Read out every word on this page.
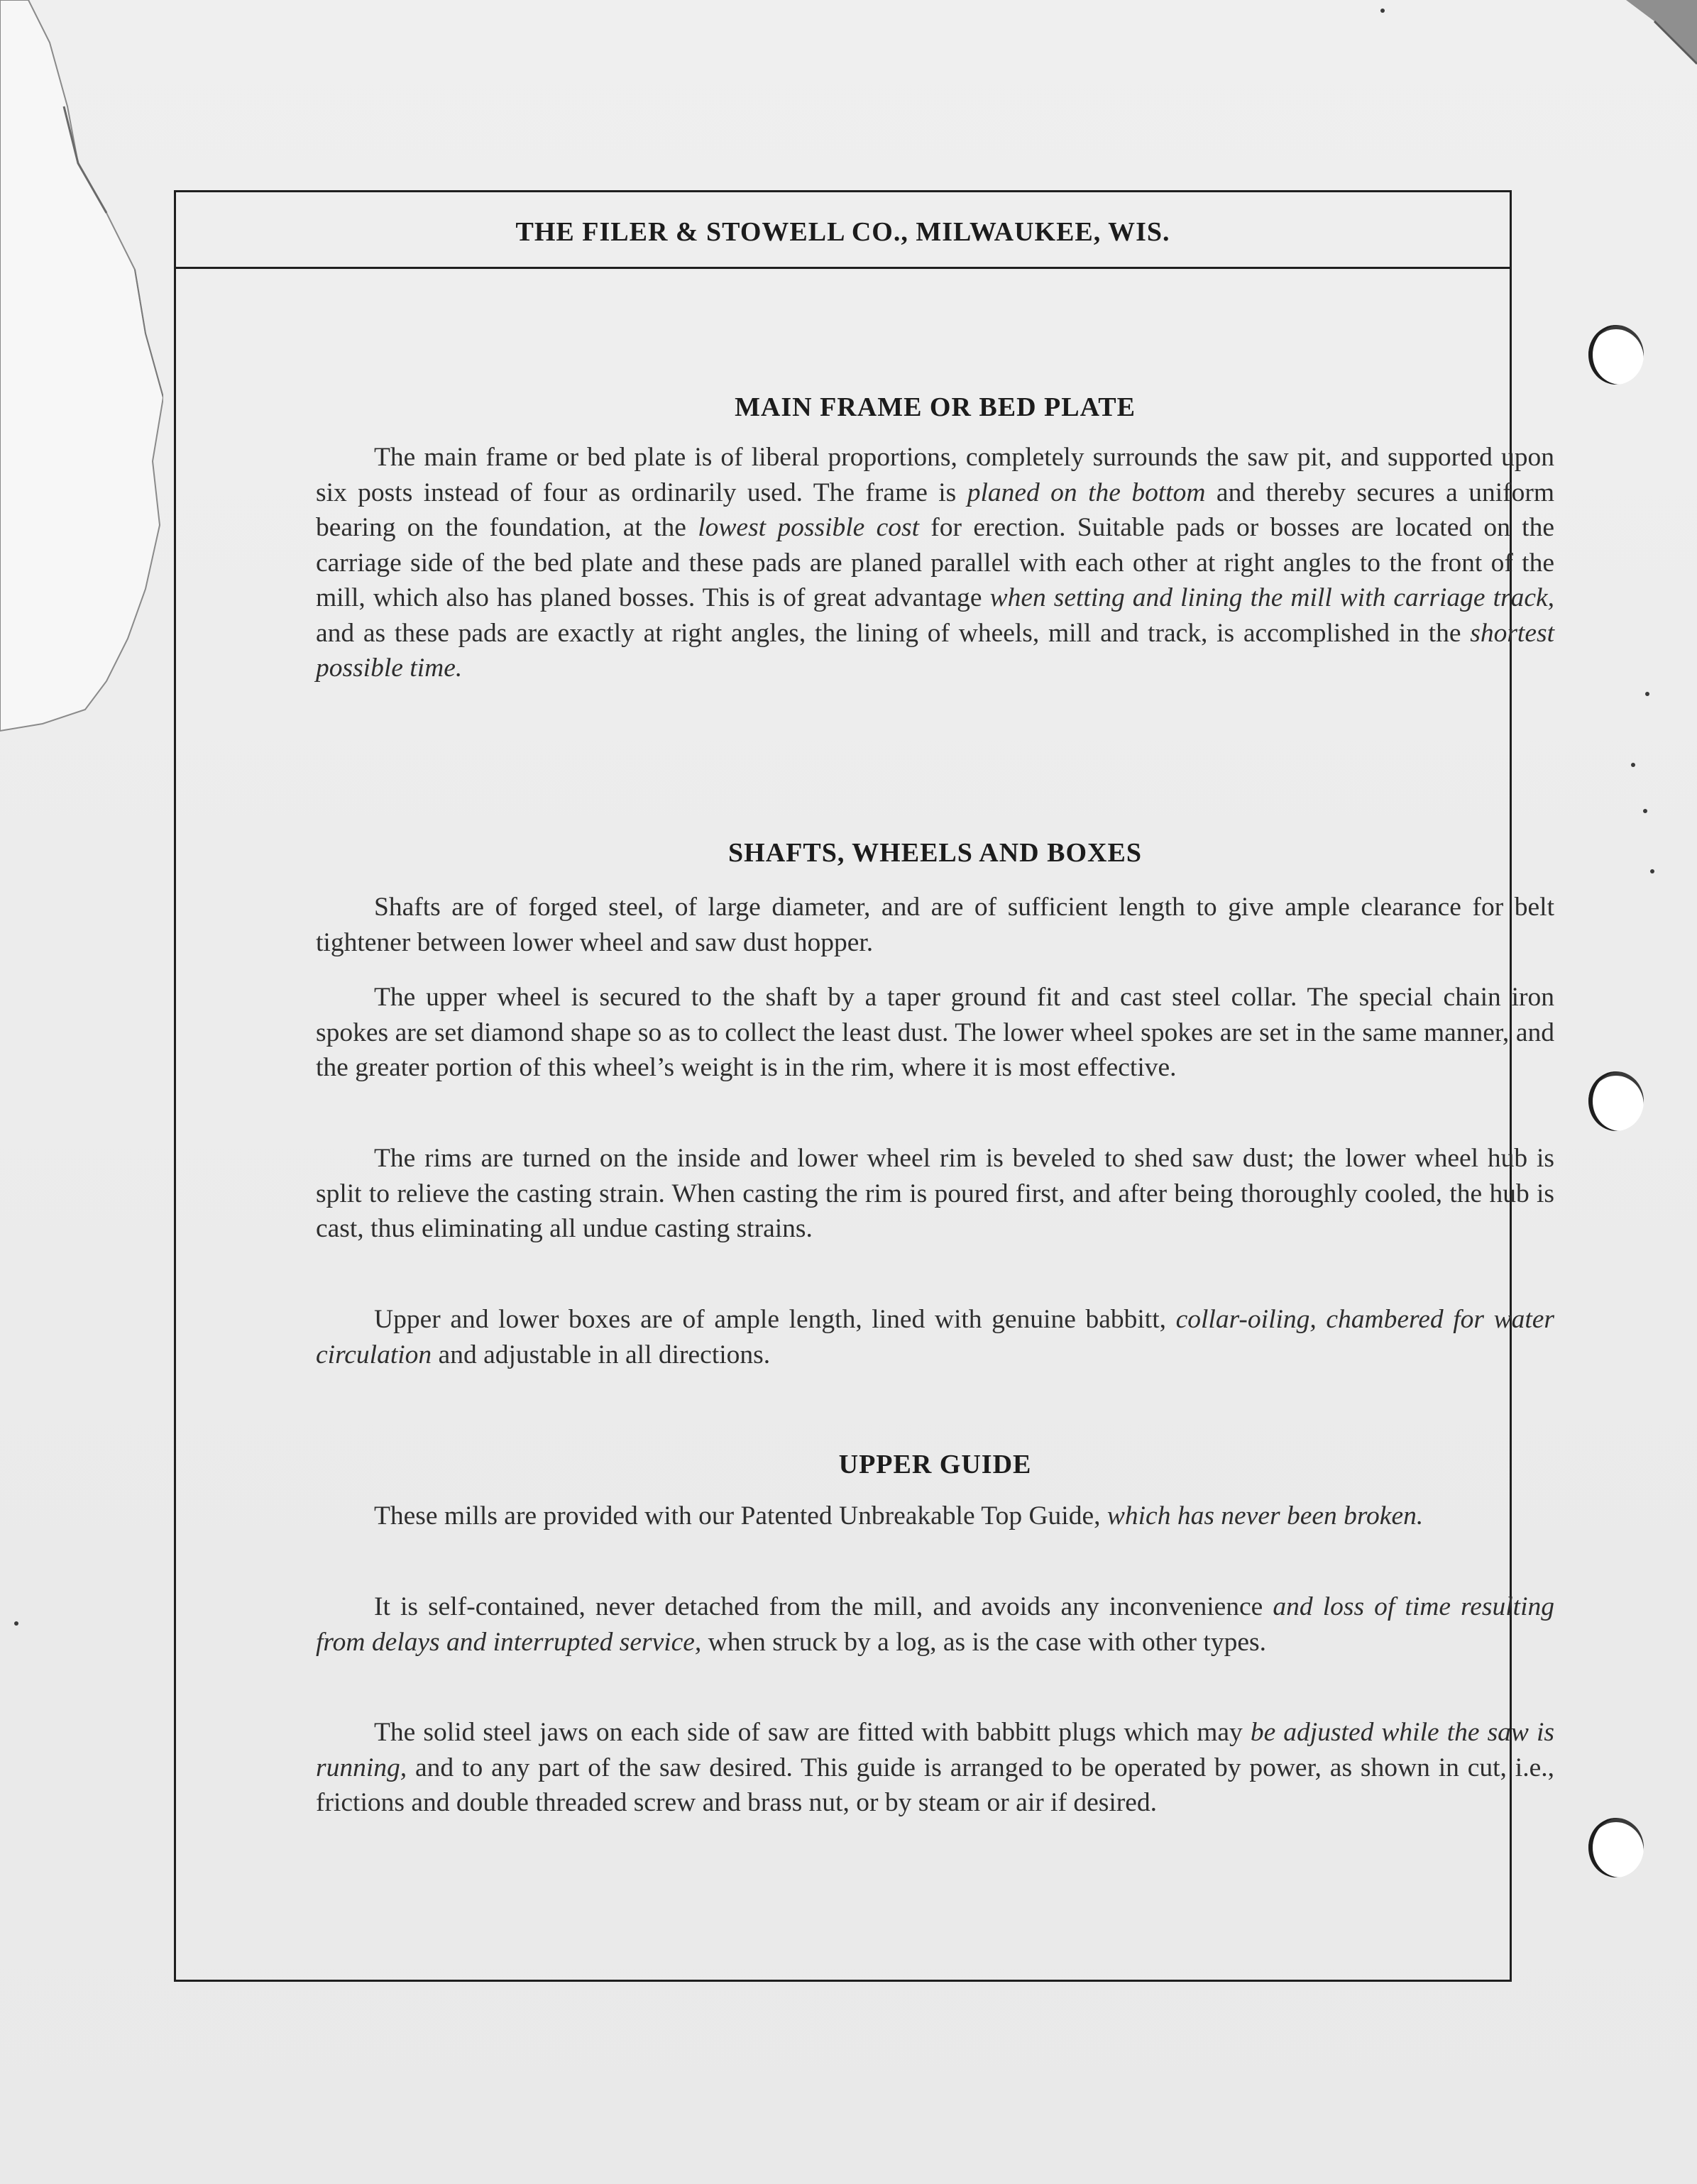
THE FILER & STOWELL CO., MILWAUKEE, WIS.
MAIN FRAME OR BED PLATE

The main frame or bed plate is of liberal proportions, completely surrounds the saw pit, and supported upon six posts instead of four as ordinarily used. The frame is planed on the bottom and thereby secures a uniform bearing on the foundation, at the lowest possible cost for erection. Suitable pads or bosses are located on the carriage side of the bed plate and these pads are planed parallel with each other at right angles to the front of the mill, which also has planed bosses. This is of great advantage when setting and lining the mill with carriage track, and as these pads are exactly at right angles, the lining of wheels, mill and track, is accomplished in the shortest possible time.

SHAFTS, WHEELS AND BOXES

Shafts are of forged steel, of large diameter, and are of sufficient length to give ample clearance for belt tightener between lower wheel and saw dust hopper.

The upper wheel is secured to the shaft by a taper ground fit and cast steel collar. The special chain iron spokes are set diamond shape so as to collect the least dust. The lower wheel spokes are set in the same manner, and the greater portion of this wheel’s weight is in the rim, where it is most effective.

The rims are turned on the inside and lower wheel rim is beveled to shed saw dust; the lower wheel hub is split to relieve the casting strain. When casting the rim is poured first, and after being thoroughly cooled, the hub is cast, thus eliminating all undue casting strains.

Upper and lower boxes are of ample length, lined with genuine babbitt, collar-oiling, chambered for water circulation and adjustable in all directions.

UPPER GUIDE

These mills are provided with our Patented Unbreakable Top Guide, which has never been broken.

It is self-contained, never detached from the mill, and avoids any inconvenience and loss of time resulting from delays and interrupted service, when struck by a log, as is the case with other types.

The solid steel jaws on each side of saw are fitted with babbitt plugs which may be adjusted while the saw is running, and to any part of the saw desired. This guide is arranged to be operated by power, as shown in cut, i.e., frictions and double threaded screw and brass nut, or by steam or air if desired.
